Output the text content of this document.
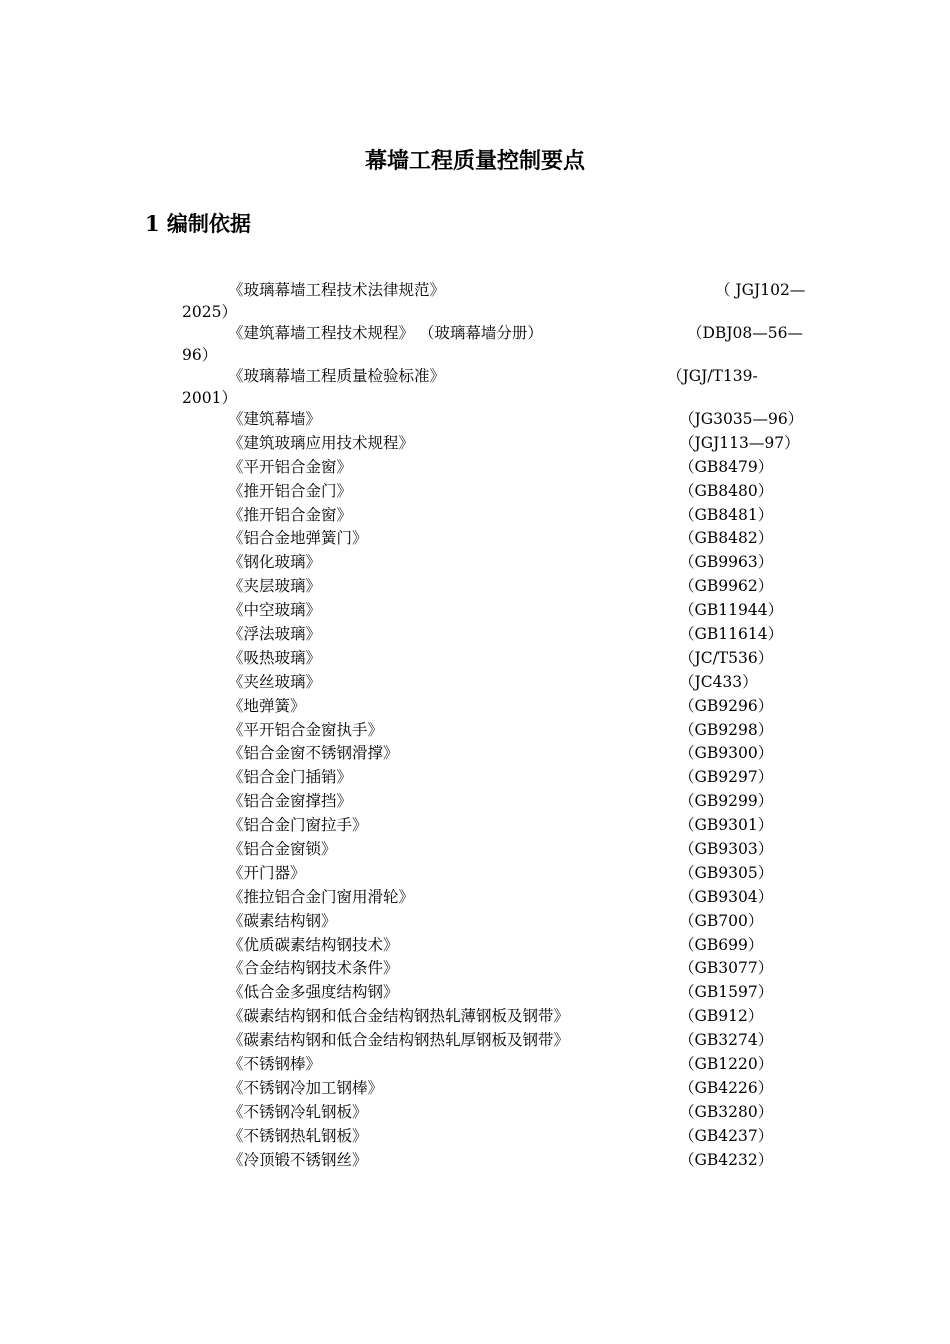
幕墙工程质量控制要点
1 编制依据
《玻璃幕墙工程技术法律规范》	（ JGJ102—
2025）
《建筑幕墙工程技术规程》 （玻璃幕墙分册）	（DBJ08—56—
96）
《玻璃幕墙工程质量检验标准》	（JGJ/T139-
2001）
《建筑幕墙》	（JG3035—96）
《建筑玻璃应用技术规程》	（JGJ113—97）
《平开铝合金窗》	（GB8479）
《推开铝合金门》	（GB8480）
《推开铝合金窗》	（GB8481）
《铝合金地弹簧门》	（GB8482）
《钢化玻璃》	（GB9963）
《夹层玻璃》	（GB9962）
《中空玻璃》	（GB11944）
《浮法玻璃》	（GB11614）
《吸热玻璃》	（JC/T536）
《夹丝玻璃》	（JC433）
《地弹簧》	（GB9296）
《平开铝合金窗执手》	（GB9298）
《铝合金窗不锈钢滑撑》	（GB9300）
《铝合金门插销》	（GB9297）
《铝合金窗撑挡》	（GB9299）
《铝合金门窗拉手》	（GB9301）
《铝合金窗锁》	（GB9303）
《开门器》	（GB9305）
《推拉铝合金门窗用滑轮》	（GB9304）
《碳素结构钢》	（GB700）
《优质碳素结构钢技术》	（GB699）
《合金结构钢技术条件》	（GB3077）
《低合金多强度结构钢》	（GB1597）
《碳素结构钢和低合金结构钢热轧薄钢板及钢带》	（GB912）
《碳素结构钢和低合金结构钢热轧厚钢板及钢带》	（GB3274）
《不锈钢棒》	（GB1220）
《不锈钢冷加工钢棒》	（GB4226）
《不锈钢冷轧钢板》	（GB3280）
《不锈钢热轧钢板》	（GB4237）
《冷顶锻不锈钢丝》	（GB4232）
